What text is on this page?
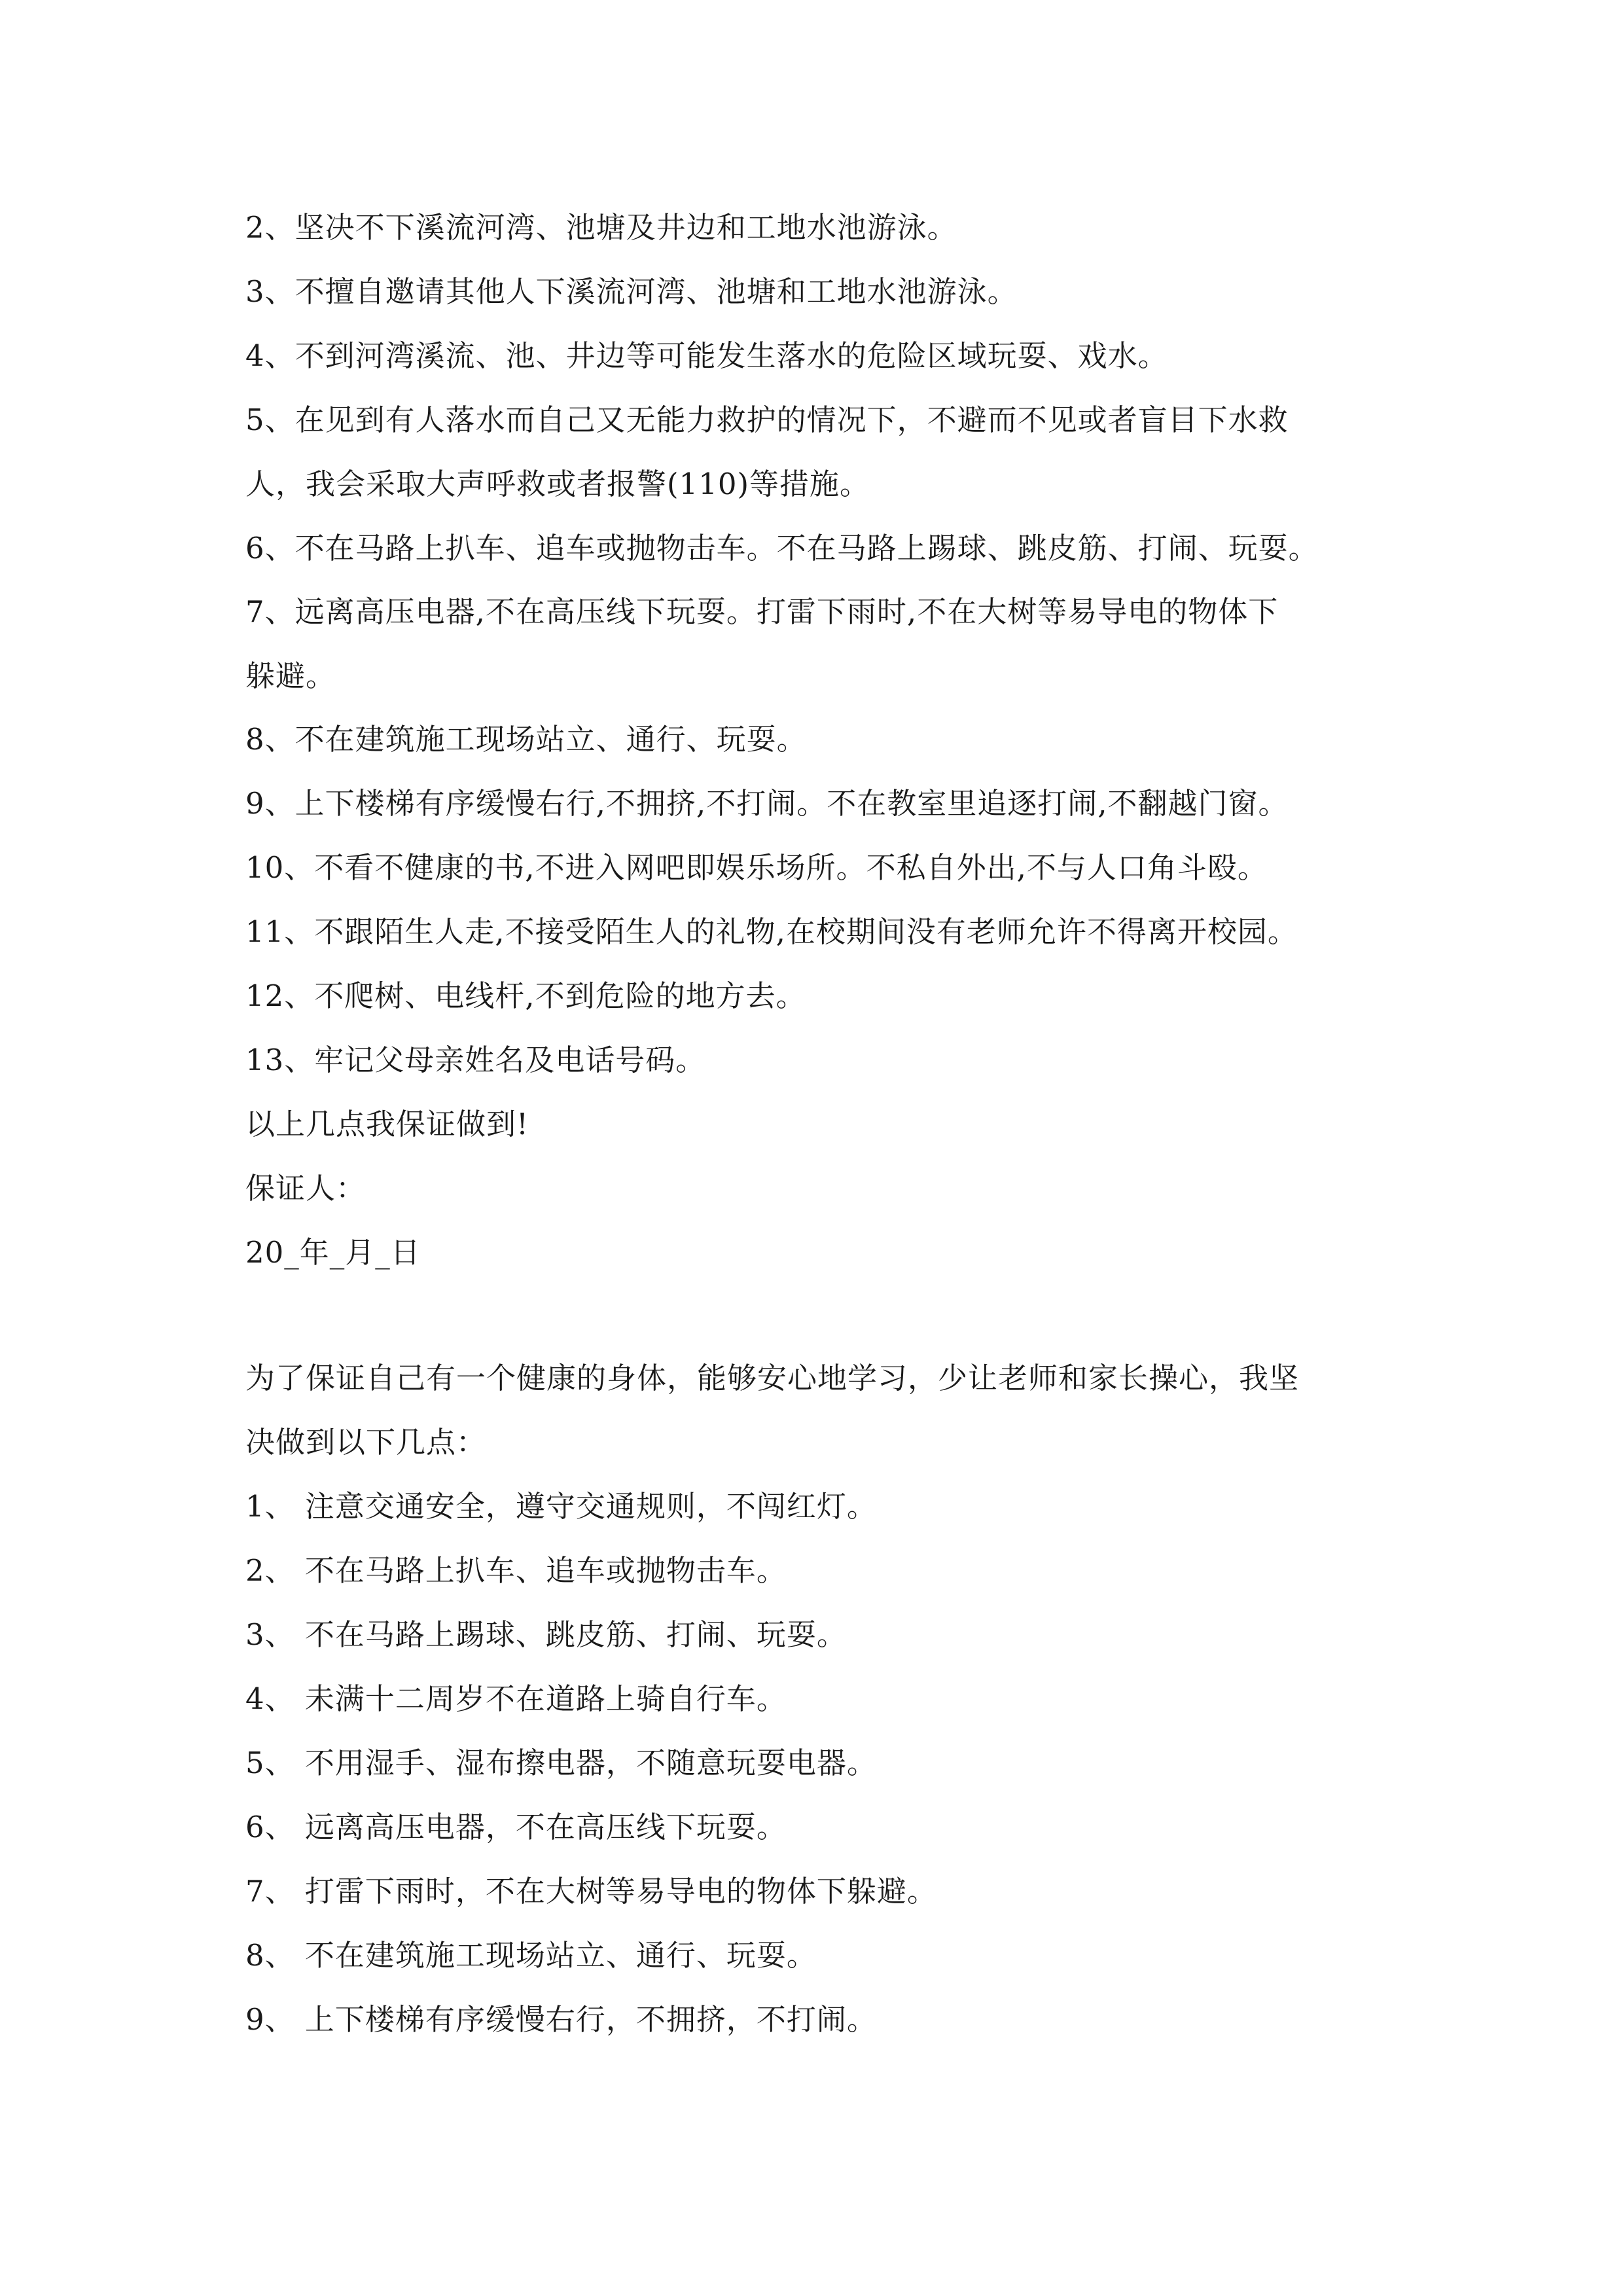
2、坚决不下溪流河湾、池塘及井边和工地水池游泳。
3、不擅自邀请其他人下溪流河湾、池塘和工地水池游泳。
4、不到河湾溪流、池、井边等可能发生落水的危险区域玩耍、戏水。
5、在见到有人落水而自己又无能力救护的情况下，不避而不见或者盲目下水救
人，我会采取大声呼救或者报警(110)等措施。
6、不在马路上扒车、追车或抛物击车。不在马路上踢球、跳皮筋、打闹、玩耍。
7、远离高压电器,不在高压线下玩耍。打雷下雨时,不在大树等易导电的物体下
躲避。
8、不在建筑施工现场站立、通行、玩耍。
9、上下楼梯有序缓慢右行,不拥挤,不打闹。不在教室里追逐打闹,不翻越门窗。
10、不看不健康的书,不进入网吧即娱乐场所。不私自外出,不与人口角斗殴。
11、不跟陌生人走,不接受陌生人的礼物,在校期间没有老师允许不得离开校园。
12、不爬树、电线杆,不到危险的地方去。
13、牢记父母亲姓名及电话号码。
以上几点我保证做到!
保证人：
20_年_月_日
为了保证自己有一个健康的身体，能够安心地学习，少让老师和家长操心，我坚
决做到以下几点：
1、 注意交通安全，遵守交通规则，不闯红灯。
2、 不在马路上扒车、追车或抛物击车。
3、 不在马路上踢球、跳皮筋、打闹、玩耍。
4、 未满十二周岁不在道路上骑自行车。
5、 不用湿手、湿布擦电器，不随意玩耍电器。
6、 远离高压电器，不在高压线下玩耍。
7、 打雷下雨时，不在大树等易导电的物体下躲避。
8、 不在建筑施工现场站立、通行、玩耍。
9、 上下楼梯有序缓慢右行，不拥挤，不打闹。
